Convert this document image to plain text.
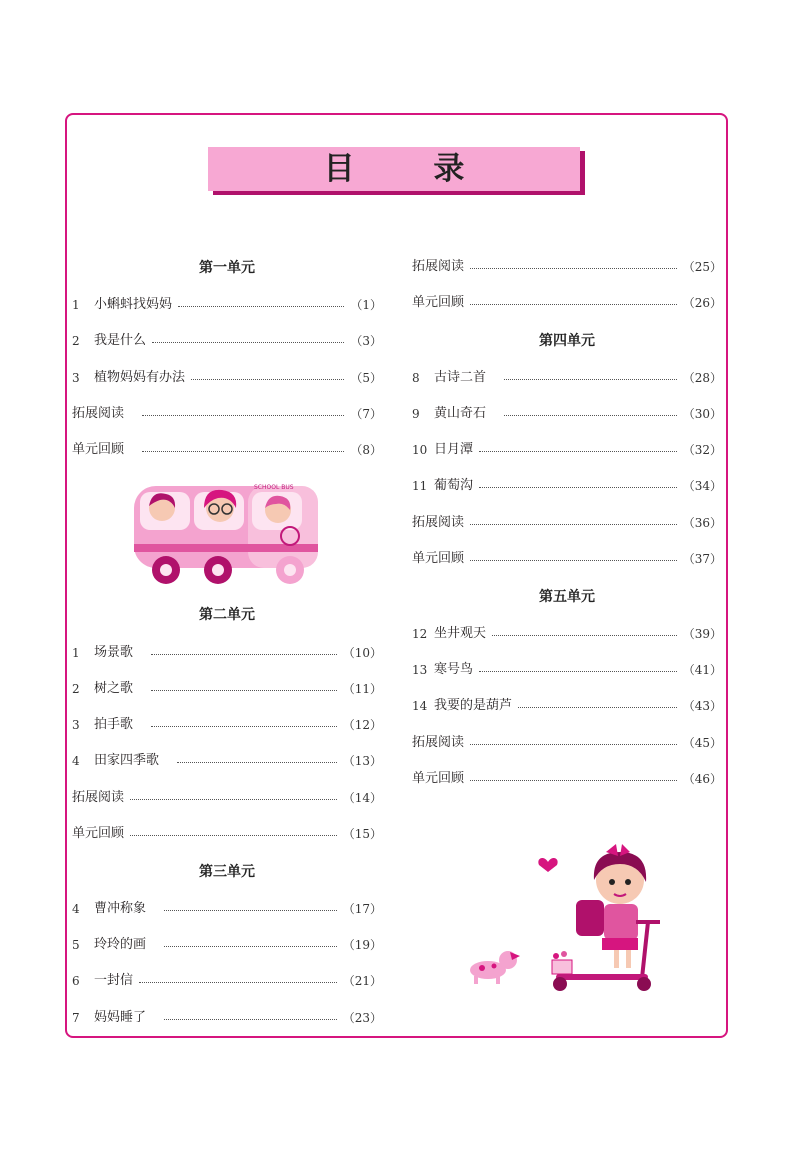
目 录
第一单元
1	小蝌蚪找妈妈	（1）
2	我是什么	（3）
3	植物妈妈有办法	（5）
拓展阅读	（7）
单元回顾	（8）
第二单元
1	场景歌	（10）
2	树之歌	（11）
3	拍手歌	（12）
4	田家四季歌	（13）
拓展阅读	（14）
单元回顾	（15）
第三单元
4	曹冲称象	（17）
5	玲玲的画	（19）
6	一封信	（21）
7	妈妈睡了	（23）
拓展阅读	（25）
单元回顾	（26）
第四单元
8	古诗二首	（28）
9	黄山奇石	（30）
10 日月潭	（32）
11 葡萄沟	（34）
拓展阅读	（36）
单元回顾	（37）
第五单元
12 坐井观天	（39）
13 寒号鸟	（41）
14 我要的是葫芦	（43）
拓展阅读	（45）
单元回顾	（46）
SCHOOL BUS
